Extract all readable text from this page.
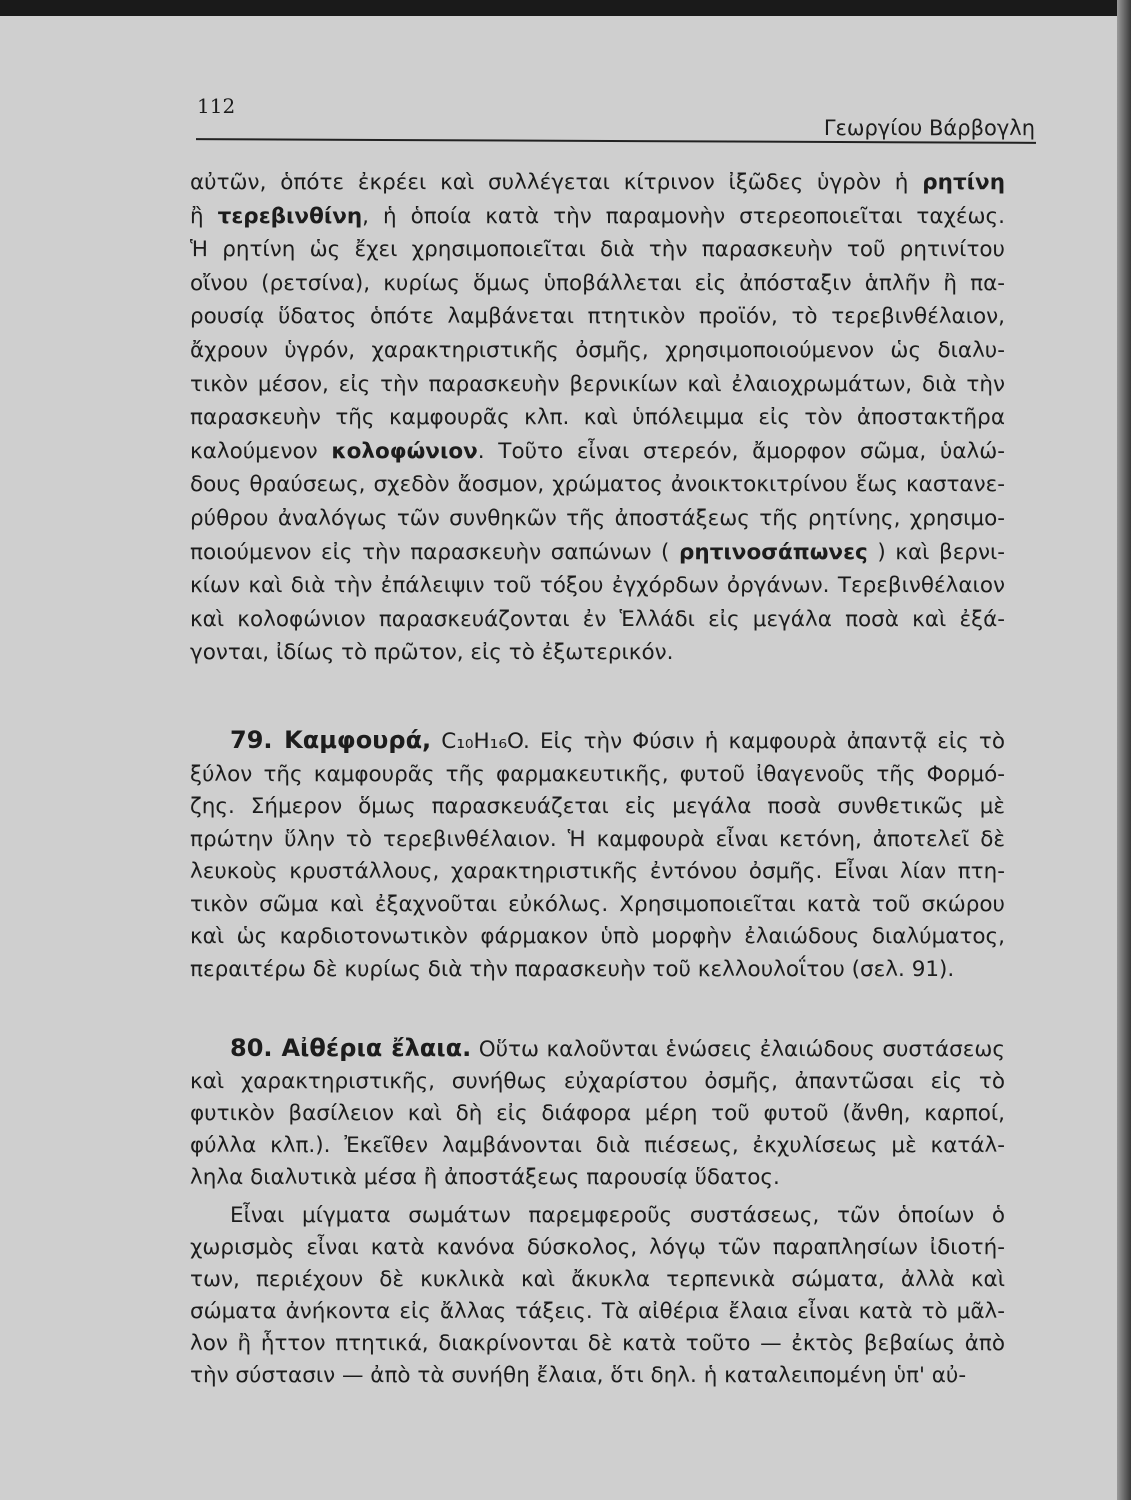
112
Γεωργίου Βάρβογλη
αὐτῶν, ὁπότε ἐκρέει καὶ συλλέγεται κίτρινον ἰξῶδες ὑγρὸν ἡ ρητίνη
ἢ τερεβινθίνη, ἡ ὁποία κατὰ τὴν παραμονὴν στερεοποιεῖται ταχέως.
Ἡ ρητίνη ὡς ἔχει χρησιμοποιεῖται διὰ τὴν παρασκευὴν τοῦ ρητινίτου
οἴνου (ρετσίνα), κυρίως ὅμως ὑποβάλλεται εἰς ἀπόσταξιν ἁπλῆν ἢ πα-
ρουσίᾳ ὕδατος ὁπότε λαμβάνεται πτητικὸν προϊόν, τὸ τερεβινθέλαιον,
ἄχρουν ὑγρόν, χαρακτηριστικῆς ὀσμῆς, χρησιμοποιούμενον ὡς διαλυ-
τικὸν μέσον, εἰς τὴν παρασκευὴν βερνικίων καὶ ἐλαιοχρωμάτων, διὰ τὴν
παρασκευὴν τῆς καμφουρᾶς κλπ. καὶ ὑπόλειμμα εἰς τὸν ἀποστακτῆρα
καλούμενον κολοφώνιον. Τοῦτο εἶναι στερεόν, ἄμορφον σῶμα, ὑαλώ-
δους θραύσεως, σχεδὸν ἄοσμον, χρώματος ἀνοικτοκιτρίνου ἕως καστανε-
ρύθρου ἀναλόγως τῶν συνθηκῶν τῆς ἀποστάξεως τῆς ρητίνης, χρησιμο-
ποιούμενον εἰς τὴν παρασκευὴν σαπώνων ( ρητινοσάπωνες ) καὶ βερνι-
κίων καὶ διὰ τὴν ἐπάλειψιν τοῦ τόξου ἐγχόρδων ὀργάνων. Τερεβινθέλαιον
καὶ κολοφώνιον παρασκευάζονται ἐν Ἑλλάδι εἰς μεγάλα ποσὰ καὶ ἐξά-
γονται, ἰδίως τὸ πρῶτον, εἰς τὸ ἐξωτερικόν.
79. Καμφουρά, C₁₀H₁₆O. Εἰς τὴν Φύσιν ἡ καμφουρὰ ἀπαντᾷ εἰς τὸ
ξύλον τῆς καμφουρᾶς τῆς φαρμακευτικῆς, φυτοῦ ἰθαγενοῦς τῆς Φορμό-
ζης. Σήμερον ὅμως παρασκευάζεται εἰς μεγάλα ποσὰ συνθετικῶς μὲ
πρώτην ὕλην τὸ τερεβινθέλαιον. Ἡ καμφουρὰ εἶναι κετόνη, ἀποτελεῖ δὲ
λευκοὺς κρυστάλλους, χαρακτηριστικῆς ἐντόνου ὀσμῆς. Εἶναι λίαν πτη-
τικὸν σῶμα καὶ ἐξαχνοῦται εὐκόλως. Χρησιμοποιεῖται κατὰ τοῦ σκώρου
καὶ ὡς καρδιοτονωτικὸν φάρμακον ὑπὸ μορφὴν ἐλαιώδους διαλύματος,
περαιτέρω δὲ κυρίως διὰ τὴν παρασκευὴν τοῦ κελλουλοΐτου (σελ. 91).
80. Αἰθέρια ἔλαια. Οὕτω καλοῦνται ἑνώσεις ἐλαιώδους συστάσεως
καὶ χαρακτηριστικῆς, συνήθως εὐχαρίστου ὀσμῆς, ἀπαντῶσαι εἰς τὸ
φυτικὸν βασίλειον καὶ δὴ εἰς διάφορα μέρη τοῦ φυτοῦ (ἄνθη, καρποί,
φύλλα κλπ.). Ἐκεῖθεν λαμβάνονται διὰ πιέσεως, ἐκχυλίσεως μὲ κατάλ-
ληλα διαλυτικὰ μέσα ἢ ἀποστάξεως παρουσίᾳ ὕδατος.
Εἶναι μίγματα σωμάτων παρεμφεροῦς συστάσεως, τῶν ὁποίων ὁ
χωρισμὸς εἶναι κατὰ κανόνα δύσκολος, λόγῳ τῶν παραπλησίων ἰδιοτή-
των, περιέχουν δὲ κυκλικὰ καὶ ἄκυκλα τερπενικὰ σώματα, ἀλλὰ καὶ
σώματα ἀνήκοντα εἰς ἄλλας τάξεις. Τὰ αἰθέρια ἔλαια εἶναι κατὰ τὸ μᾶλ-
λον ἢ ἧττον πτητικά, διακρίνονται δὲ κατὰ τοῦτο — ἐκτὸς βεβαίως ἀπὸ
τὴν σύστασιν — ἀπὸ τὰ συνήθη ἔλαια, ὅτι δηλ. ἡ καταλειπομένη ὑπ' αὐ-
